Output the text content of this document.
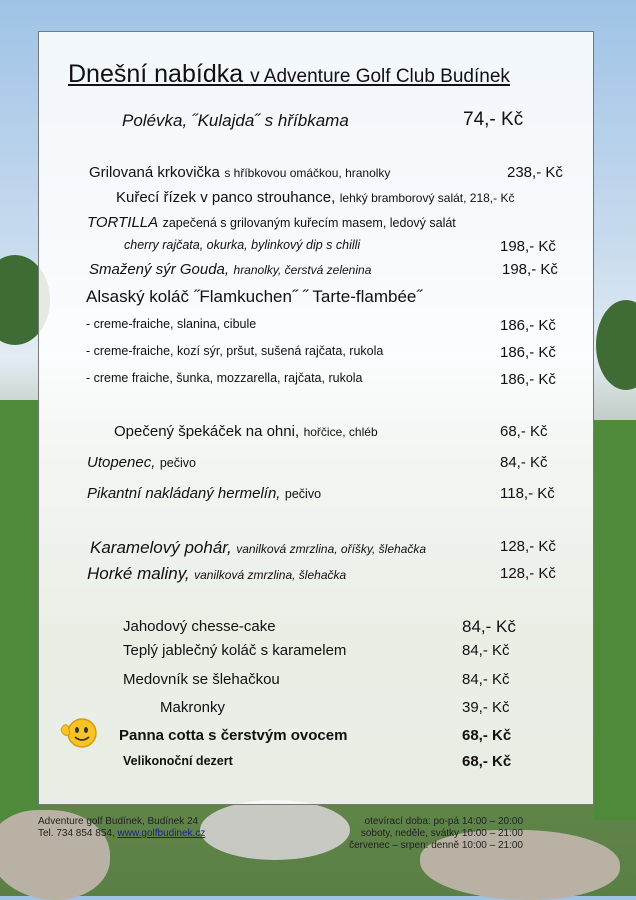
Dnešní nabídka v Adventure Golf Club Budínek
Polévka, ˝Kulajda˝ s hříbkama	74,- Kč
Grilovaná krkovička s hříbkovou omáčkou, hranolky	238,- Kč
Kuřecí řízek v panco strouhance, lehký bramborový salát, 218,- Kč
TORTILLA zapečená s grilovaným kuřecím masem, ledový salát
cherry rajčata, okurka, bylinkový dip s chilli	198,- Kč
Smažený sýr Gouda, hranolky, čerstvá zelenina	198,- Kč
Alsaský koláč ˝Flamkuchen˝ ˝ Tarte-flambée˝
- creme-fraiche, slanina, cibule	186,- Kč
- creme-fraiche, kozí sýr, pršut, sušená rajčata, rukola	186,- Kč
- creme fraiche, šunka, mozzarella, rajčata, rukola	186,- Kč
Opečený špekáček na ohni, hořčice, chléb	68,- Kč
Utopenec, pečivo	84,- Kč
Pikantní nakládaný hermelín, pečivo	118,- Kč
Karamelový pohár, vanilková zmrzlina, oříšky, šlehačka	128,- Kč
Horké maliny, vanilková zmrzlina, šlehačka	128,- Kč
Jahodový chesse-cake	84,- Kč
Teplý jablečný koláč s karamelem	84,- Kč
Medovník se šlehačkou	84,- Kč
Makronky	39,- Kč
Panna cotta s čerstvým ovocem	68,- Kč
Velikonoční dezert	68,- Kč
Adventure golf Budínek, Budínek 24
Tel. 734 854 854, www.golfbudinek.cz
otevírací doba: po-pá 14:00 – 20:00
soboty, neděle, svátky 10:00 – 21:00
červenec – srpen: denně 10:00 – 21:00
